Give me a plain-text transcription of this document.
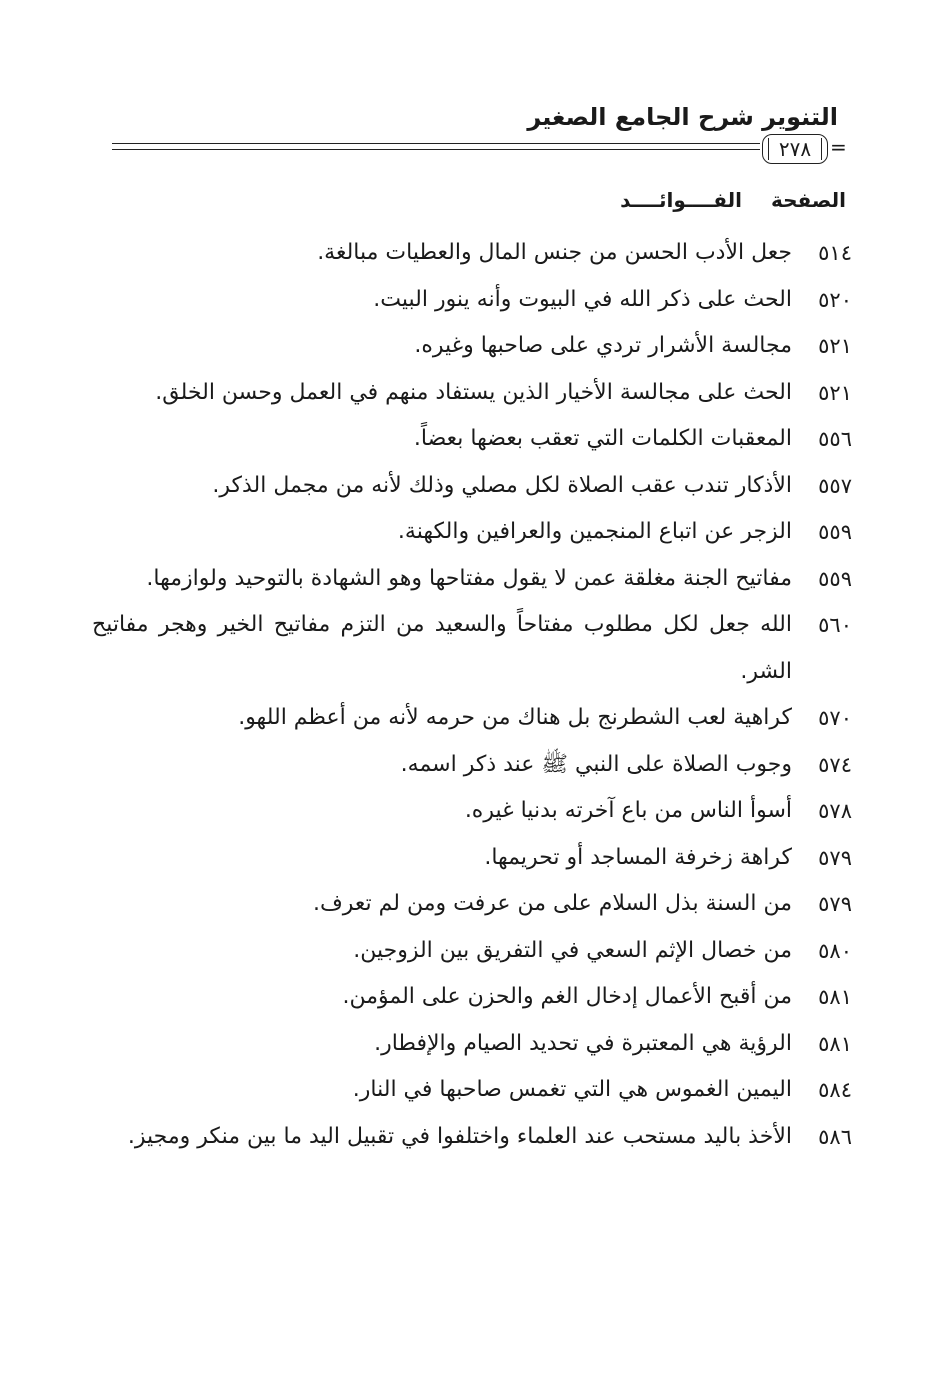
التنوير شرح الجامع الصغير
٢٧٨ =
الصفحة الفــــوائــــد
٥١٤
جعل الأدب الحسن من جنس المال والعطيات مبالغة.
٥٢٠
الحث على ذكر الله في البيوت وأنه ينور البيت.
٥٢١
مجالسة الأشرار تردي على صاحبها وغيره.
٥٢١
الحث على مجالسة الأخيار الذين يستفاد منهم في العمل وحسن الخلق.
٥٥٦
المعقبات الكلمات التي تعقب بعضها بعضاً.
٥٥٧
الأذكار تندب عقب الصلاة لكل مصلي وذلك لأنه من مجمل الذكر.
٥٥٩
الزجر عن اتباع المنجمين والعرافين والكهنة.
٥٥٩
مفاتيح الجنة مغلقة عمن لا يقول مفتاحها وهو الشهادة بالتوحيد ولوازمها.
٥٦٠
الله جعل لكل مطلوب مفتاحاً والسعيد من التزم مفاتيح الخير وهجر مفاتيح الشر.
٥٧٠
كراهية لعب الشطرنج بل هناك من حرمه لأنه من أعظم اللهو.
٥٧٤
وجوب الصلاة على النبي ﷺ عند ذكر اسمه.
٥٧٨
أسوأ الناس من باع آخرته بدنيا غيره.
٥٧٩
كراهة زخرفة المساجد أو تحريمها.
٥٧٩
من السنة بذل السلام على من عرفت ومن لم تعرف.
٥٨٠
من خصال الإثم السعي في التفريق بين الزوجين.
٥٨١
من أقبح الأعمال إدخال الغم والحزن على المؤمن.
٥٨١
الرؤية هي المعتبرة في تحديد الصيام والإفطار.
٥٨٤
اليمين الغموس هي التي تغمس صاحبها في النار.
٥٨٦
الأخذ باليد مستحب عند العلماء واختلفوا في تقبيل اليد ما بين منكر ومجيز.
